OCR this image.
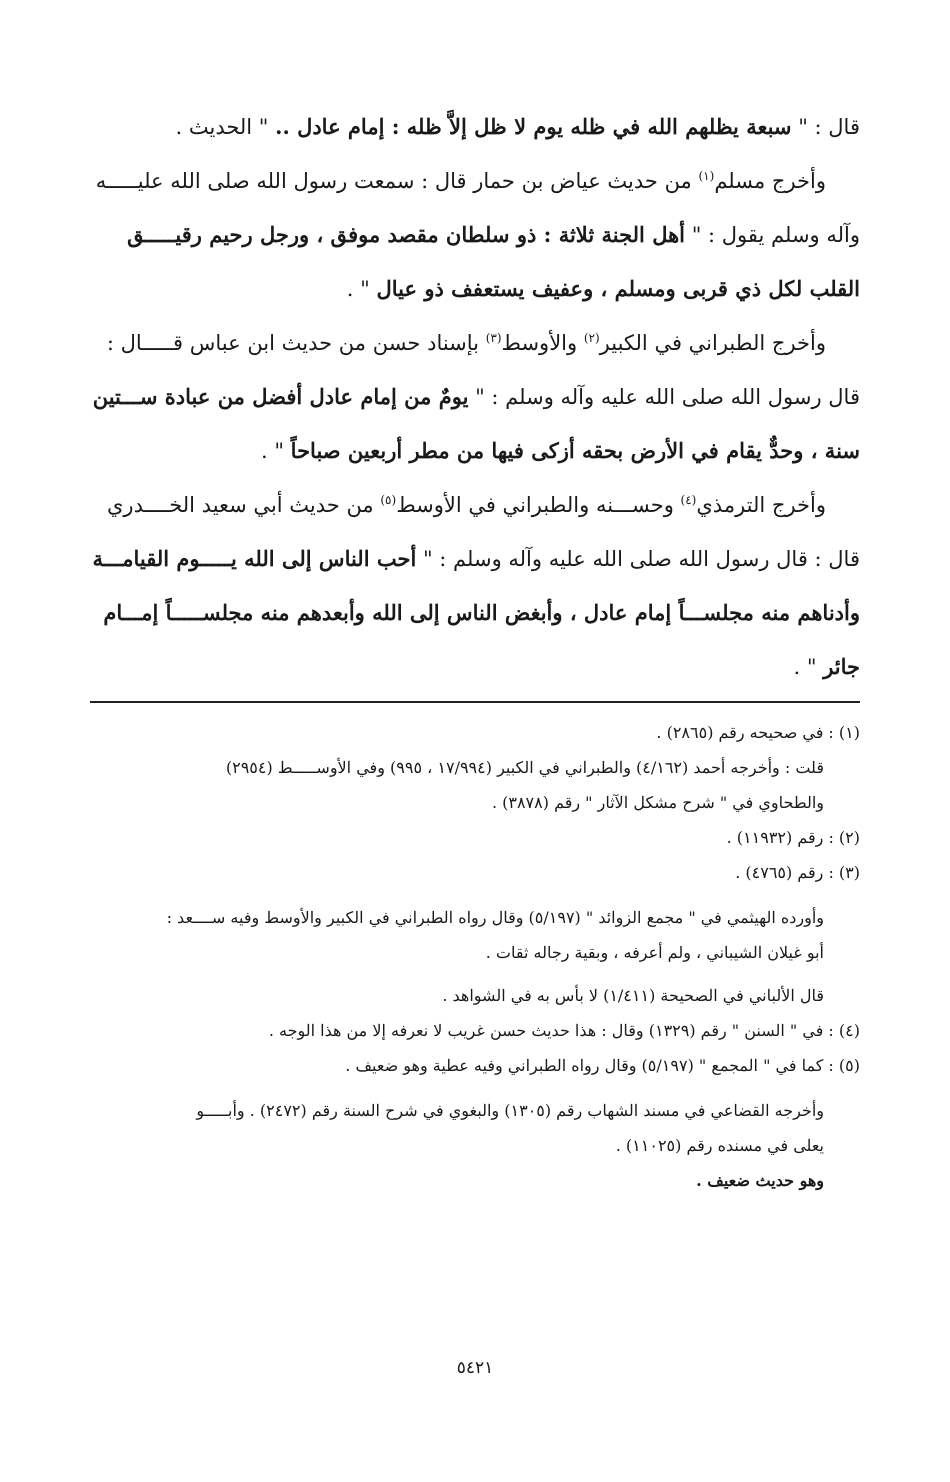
قال : " سبعة يظلهم الله في ظله يوم لا ظل إلاَّ ظله : إمام عادل .. " الحديث .
وأخرج مسلم$^{(١)}$ من حديث عياض بن حمار قال : سمعت رسول الله صلى الله عليـــــه
وآله وسلم يقول : " أهل الجنة ثلاثة : ذو سلطان مقصد موفق ، ورجل رحيم رقيـــــق
القلب لكل ذي قربى ومسلم ، وعفيف يستعفف ذو عيال " .
وأخرج الطبراني في الكبير$^{(٢)}$ والأوسط$^{(٣)}$ بإسناد حسن من حديث ابن عباس قـــــال :
قال رسول الله صلى الله عليه وآله وسلم : " يومٌ من إمام عادل أفضل من عبادة ســـتين
سنة ، وحدٌّ يقام في الأرض بحقه أزكى فيها من مطر أربعين صباحاً " .
وأخرج الترمذي$^{(٤)}$ وحســـنه والطبراني في الأوسط$^{(٥)}$ من حديث أبي سعيد الخــــدري
قال : قال رسول الله صلى الله عليه وآله وسلم : " أحب الناس إلى الله يـــــوم القيامـــة
وأدناهم منه مجلســـاً إمام عادل ، وأبغض الناس إلى الله وأبعدهم منه مجلســـــاً إمـــام
جائر " .
(١) : في صحيحه رقم (٢٨٦٥) .
قلت : وأخرجه أحمد (٤/١٦٢) والطبراني في الكبير (١٧/٩٩٤ ، ٩٩٥) وفي الأوســـــط (٢٩٥٤)
والطحاوي في " شرح مشكل الآثار " رقم (٣٨٧٨) .
(٢) : رقم (١١٩٣٢) .
(٣) : رقم (٤٧٦٥) .
وأورده الهيثمي في " مجمع الزوائد " (٥/١٩٧) وقال رواه الطبراني في الكبير والأوسط وفيه ســــعد :
أبو غيلان الشيباني ، ولم أعرفه ، وبقية رجاله ثقات .
قال الألباني في الصحيحة (١/٤١١) لا بأس به في الشواهد .
(٤) : في " السنن " رقم (١٣٢٩) وقال : هذا حديث حسن غريب لا نعرفه إلا من هذا الوجه .
(٥) : كما في " المجمع " (٥/١٩٧) وقال رواه الطبراني وفيه عطية وهو ضعيف .
وأخرجه القضاعي في مسند الشهاب رقم (١٣٠٥) والبغوي في شرح السنة رقم (٢٤٧٢) . وأبـــــو
يعلى في مسنده رقم (١١٠٢٥) .
وهو حديث ضعيف .
٥٤٢١
